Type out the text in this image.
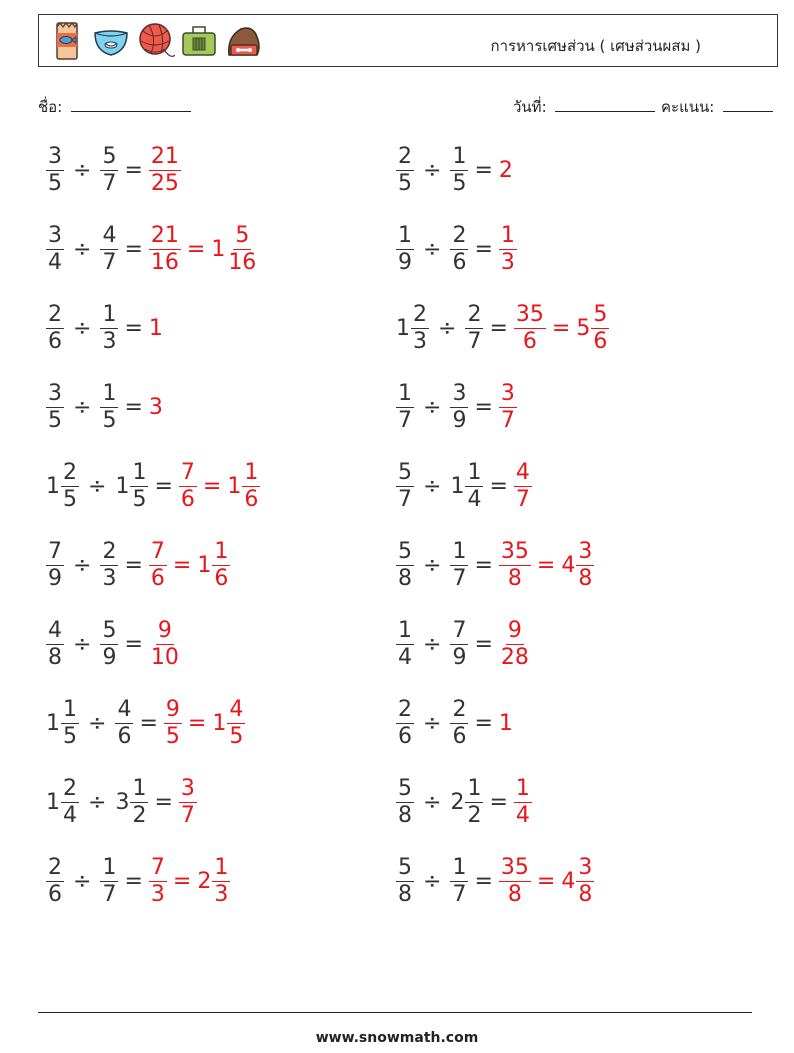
การหารเศษส่วน ( เศษส่วนผสม )
ชื่อ:	วันที่:	คะแนน:
$\frac{3}{5} \div \frac{5}{7} = \frac{21}{25}$	$\frac{2}{5} \div \frac{1}{5} = 2$
$\frac{3}{4} \div \frac{4}{7} = \frac{21}{16} = 1 \frac{5}{16}$	$\frac{1}{9} \div \frac{2}{6} = \frac{1}{3}$
$\frac{2}{6} \div \frac{1}{3} = 1$	$1 \frac{2}{3} \div \frac{2}{7} = \frac{35}{6} = 5 \frac{5}{6}$
$\frac{3}{5} \div \frac{1}{5} = 3$	$\frac{1}{7} \div \frac{3}{9} = \frac{3}{7}$
$1 \frac{2}{5} \div 1 \frac{1}{5} = \frac{7}{6} = 1 \frac{1}{6}$	$\frac{5}{7} \div 1 \frac{1}{4} = \frac{4}{7}$
$\frac{7}{9} \div \frac{2}{3} = \frac{7}{6} = 1 \frac{1}{6}$	$\frac{5}{8} \div \frac{1}{7} = \frac{35}{8} = 4 \frac{3}{8}$
$\frac{4}{8} \div \frac{5}{9} = \frac{9}{10}$	$\frac{1}{4} \div \frac{7}{9} = \frac{9}{28}$
$1 \frac{1}{5} \div \frac{4}{6} = \frac{9}{5} = 1 \frac{4}{5}$	$\frac{2}{6} \div \frac{2}{6} = 1$
$1 \frac{2}{4} \div 3 \frac{1}{2} = \frac{3}{7}$	$\frac{5}{8} \div 2 \frac{1}{2} = \frac{1}{4}$
$\frac{2}{6} \div \frac{1}{7} = \frac{7}{3} = 2 \frac{1}{3}$	$\frac{5}{8} \div \frac{1}{7} = \frac{35}{8} = 4 \frac{3}{8}$
www.snowmath.com
